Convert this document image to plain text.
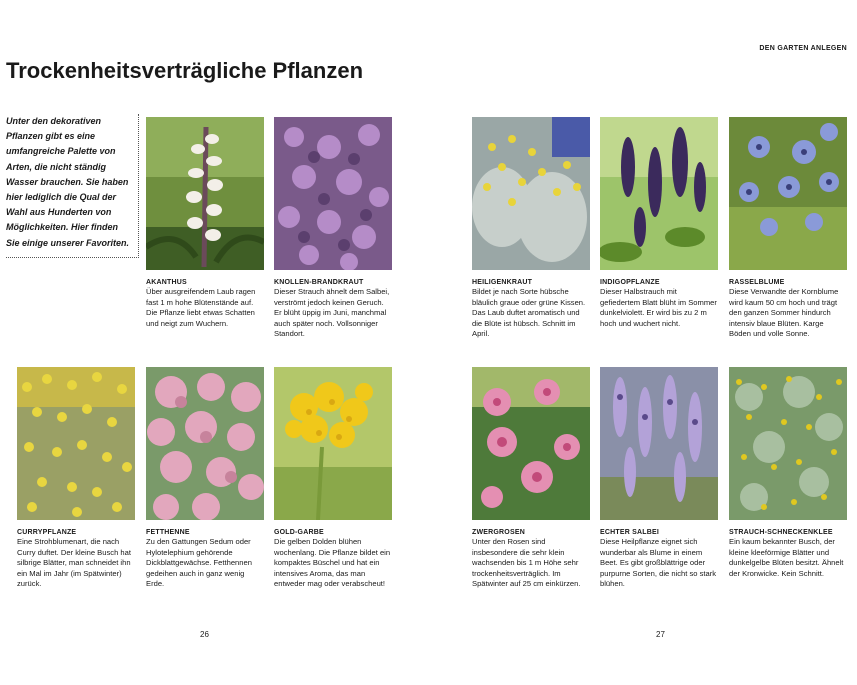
DEN GARTEN ANLEGEN
Trockenheitsverträgliche Pflanzen
Unter den dekorativen Pflanzen gibt es eine umfangreiche Palette von Arten, die nicht ständig Wasser brauchen. Sie haben hier lediglich die Qual der Wahl aus Hunderten von Möglichkeiten. Hier finden Sie einige unserer Favoriten.
AKANTHUS
Über ausgreifendem Laub ragen fast 1 m hohe Blütenstände auf. Die Pflanze liebt etwas Schatten und neigt zum Wuchern.
KNOLLEN-BRANDKRAUT
Dieser Strauch ähnelt dem Salbei, verströmt jedoch keinen Geruch. Er blüht üppig im Juni, manchmal auch später noch. Vollsonniger Standort.
HEILIGENKRAUT
Bildet je nach Sorte hübsche bläulich graue oder grüne Kissen. Das Laub duftet aromatisch und die Blüte ist hübsch. Schnitt im April.
INDIGOPFLANZE
Dieser Halbstrauch mit gefiedertem Blatt blüht im Sommer dunkelviolett. Er wird bis zu 2 m hoch und wuchert nicht.
RASSELBLUME
Diese Verwandte der Kornblume wird kaum 50 cm hoch und trägt den ganzen Sommer hindurch intensiv blaue Blüten. Karge Böden und volle Sonne.
CURRYPFLANZE
Eine Strohblumenart, die nach Curry duftet. Der kleine Busch hat silbrige Blätter, man schneidet ihn ein Mal im Jahr (im Spätwinter) zurück.
FETTHENNE
Zu den Gattungen Sedum oder Hylotelephium gehörende Dickblattgewächse. Fetthennen gedeihen auch in ganz wenig Erde.
GOLD-GARBE
Die gelben Dolden blühen wochenlang. Die Pflanze bildet ein kompaktes Büschel und hat ein intensives Aroma, das man entweder mag oder verabscheut!
ZWERGROSEN
Unter den Rosen sind insbesondere die sehr klein wachsenden bis 1 m Höhe sehr trockenheitsverträglich. Im Spätwinter auf 25 cm einkürzen.
ECHTER SALBEI
Diese Heilpflanze eignet sich wunderbar als Blume in einem Beet. Es gibt großblättrige oder purpurne Sorten, die nicht so stark blühen.
STRAUCH-SCHNECKENKLEE
Ein kaum bekannter Busch, der kleine kleeförmige Blätter und dunkelgelbe Blüten besitzt. Ähnelt der Kronwicke. Kein Schnitt.
26	27
